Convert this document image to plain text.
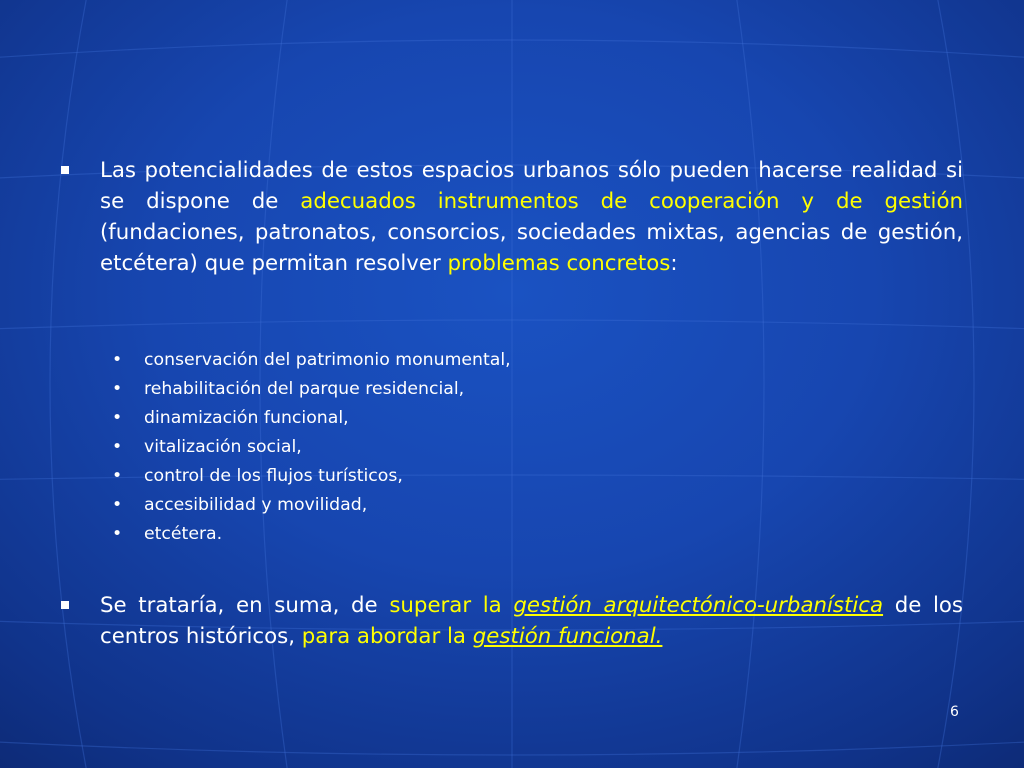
Las potencialidades de estos espacios urbanos sólo pueden hacerse realidad si se dispone de adecuados instrumentos de cooperación y de gestión (fundaciones, patronatos, consorcios, sociedades mixtas, agencias de gestión, etcétera) que permitan resolver problemas concretos:
• conservación del patrimonio monumental,
• rehabilitación del parque residencial,
• dinamización funcional,
• vitalización social,
• control de los flujos turísticos,
• accesibilidad y movilidad,
• etcétera.
Se trataría, en suma, de superar la gestión arquitectónico-urbanística de los centros históricos, para abordar la gestión funcional.
6
